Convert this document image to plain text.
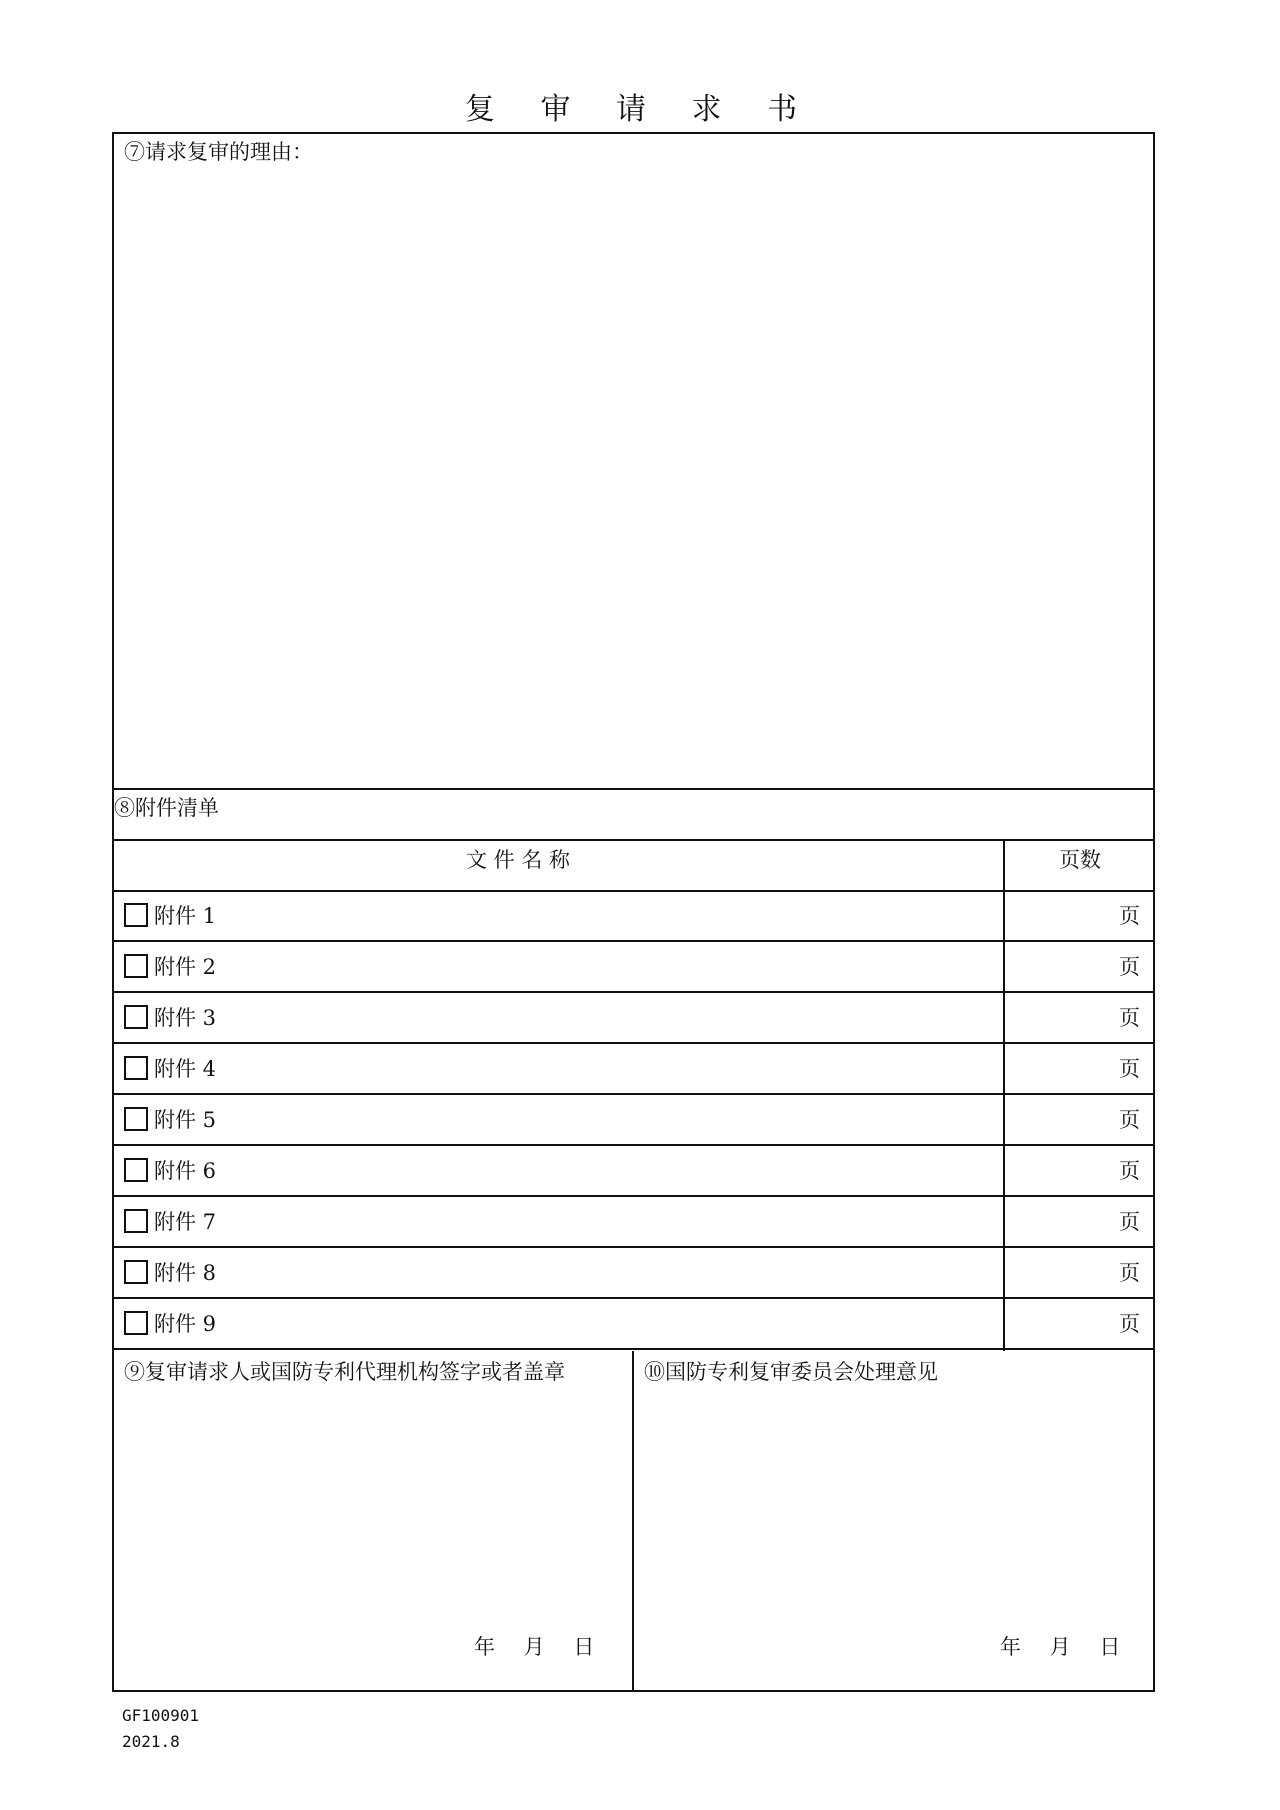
复 审 请 求 书
⑦请求复审的理由：
⑧附件清单
文 件 名 称	页数
附件 1	页
附件 2	页
附件 3	页
附件 4	页
附件 5	页
附件 6	页
附件 7	页
附件 8	页
附件 9	页
⑨复审请求人或国防专利代理机构签字或者盖章	⑩国防专利复审委员会处理意见
年 月 日	年 月 日
GF100901
2021.8
